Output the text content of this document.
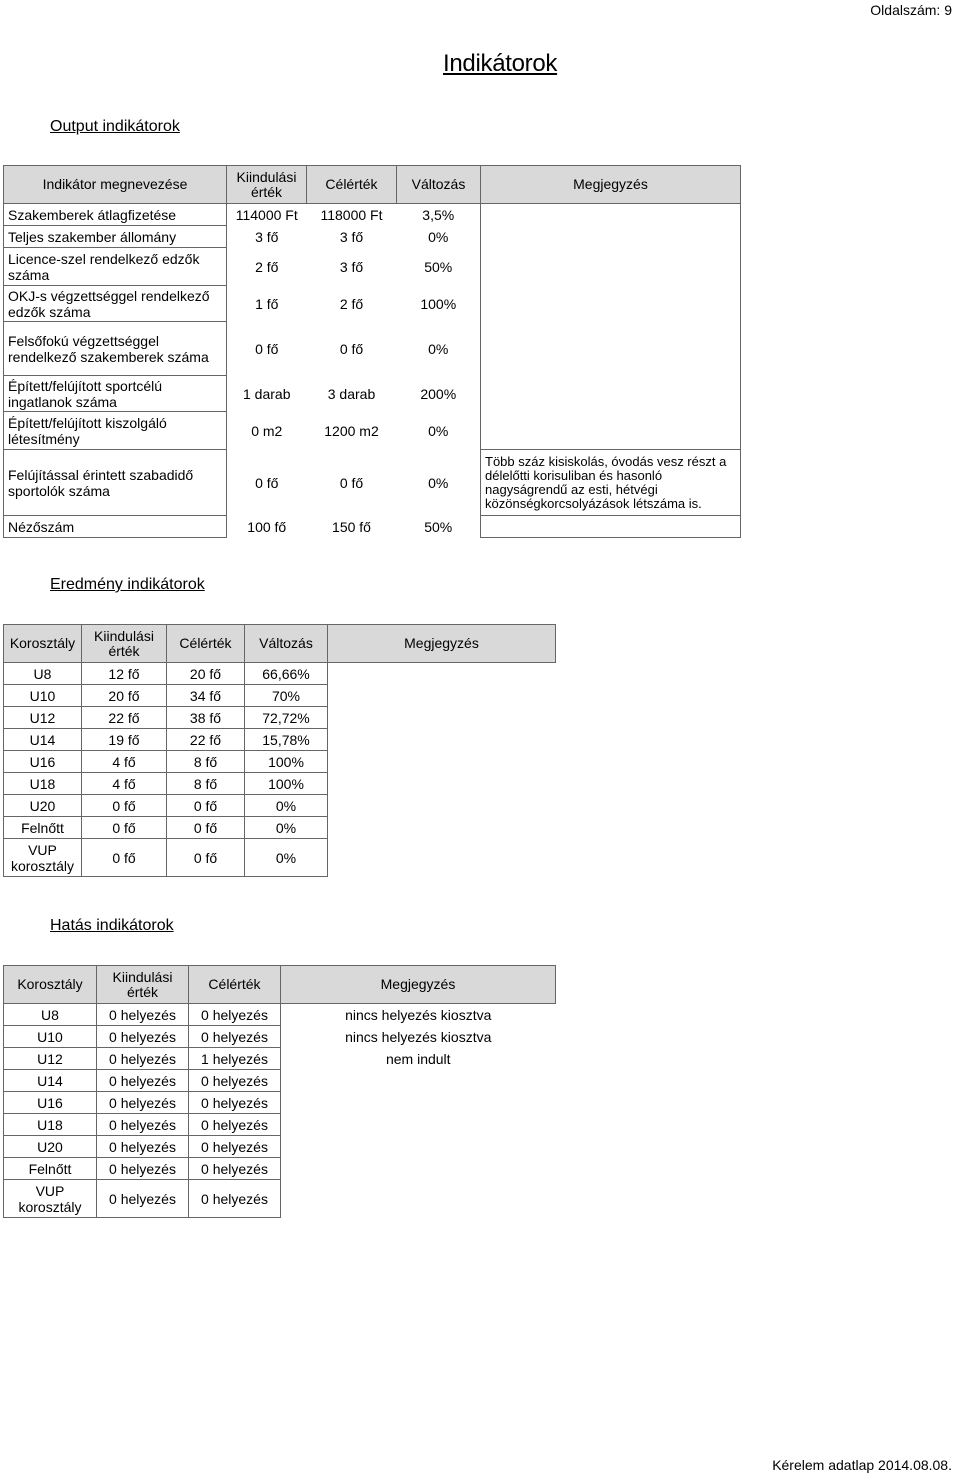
Oldalszám: 9
Indikátorok
Output indikátorok
Indikátor megnevezése	Kiindulási érték	Célérték	Változás	Megjegyzés
Szakemberek átlagfizetése	114000 Ft	118000 Ft	3,5%	
Teljes szakember állomány	3 fő	3 fő	0%	
Licence-szel rendelkező edzők száma	2 fő	3 fő	50%	
OKJ-s végzettséggel rendelkező edzők száma	1 fő	2 fő	100%	
Felsőfokú végzettséggel rendelkező szakemberek száma	0 fő	0 fő	0%	
Épített/felújított sportcélú ingatlanok száma	1 darab	3 darab	200%	
Épített/felújított kiszolgáló létesítmény	0 m2	1200 m2	0%	
Felújítással érintett szabadidő sportolók száma	0 fő	0 fő	0%	Több száz kisiskolás, óvodás vesz részt a délelőtti korisuliban és hasonló nagyságrendű az esti, hétvégi közönségkorcsolyázások létszáma is.
Nézőszám	100 fő	150 fő	50%	
Eredmény indikátorok
Korosztály	Kiindulási érték	Célérték	Változás	Megjegyzés
U8	12 fő	20 fő	66,66%	
U10	20 fő	34 fő	70%	
U12	22 fő	38 fő	72,72%	
U14	19 fő	22 fő	15,78%	
U16	4 fő	8 fő	100%	
U18	4 fő	8 fő	100%	
U20	0 fő	0 fő	0%	
Felnőtt	0 fő	0 fő	0%	
VUP korosztály	0 fő	0 fő	0%	
Hatás indikátorok
Korosztály	Kiindulási érték	Célérték	Megjegyzés
U8	0 helyezés	0 helyezés	nincs helyezés kiosztva
U10	0 helyezés	0 helyezés	nincs helyezés kiosztva
U12	0 helyezés	1 helyezés	nem indult
U14	0 helyezés	0 helyezés	
U16	0 helyezés	0 helyezés	
U18	0 helyezés	0 helyezés	
U20	0 helyezés	0 helyezés	
Felnőtt	0 helyezés	0 helyezés	
VUP korosztály	0 helyezés	0 helyezés	
Kérelem adatlap 2014.08.08.
